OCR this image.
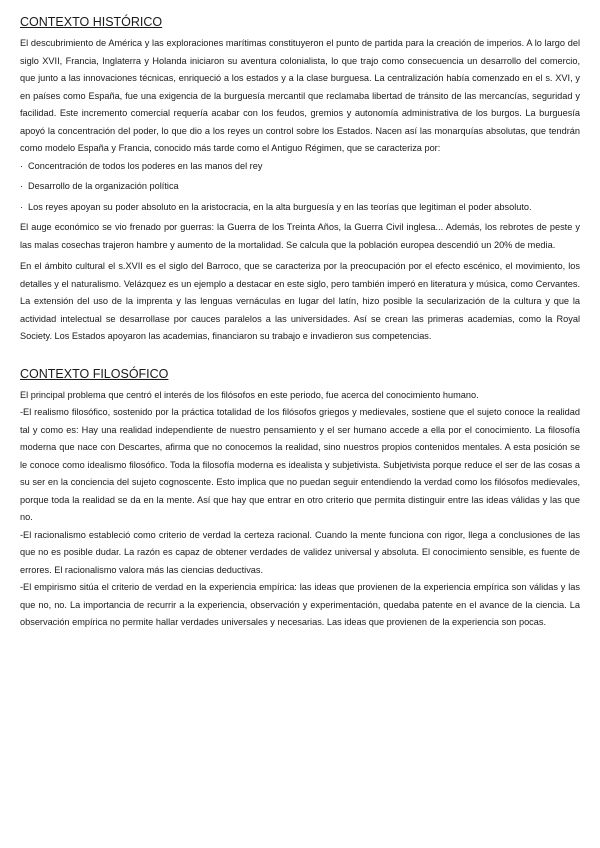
CONTEXTO HISTÓRICO

El descubrimiento de América y las exploraciones marítimas constituyeron el punto de partida para la creación de imperios. A lo largo del siglo XVII, Francia, Inglaterra y Holanda iniciaron su aventura colonialista, lo que trajo como consecuencia un desarrollo del comercio, que junto a las innovaciones técnicas, enriqueció a los estados y a la clase burguesa. La centralización había comenzado en el s. XVI, y en países como España, fue una exigencia de la burguesía mercantil que reclamaba libertad de tránsito de las mercancías, seguridad y facilidad. Este incremento comercial requería acabar con los feudos, gremios y autonomía administrativa de los burgos. La burguesía apoyó la concentración del poder, lo que dio a los reyes un control sobre los Estados. Nacen así las monarquías absolutas, que tendrán como modelo España y Francia, conocido más tarde como el Antiguo Régimen, que se caracteriza por:

· Concentración de todos los poderes en las manos del rey
· Desarrollo de la organización política
· Los reyes apoyan su poder absoluto en la aristocracia, en la alta burguesía y en las teorías que legitiman el poder absoluto.

El auge económico se vio frenado por guerras: la Guerra de los Treinta Años, la Guerra Civil inglesa... Además, los rebrotes de peste y las malas cosechas trajeron hambre y aumento de la mortalidad. Se calcula que la población europea descendió un 20% de media.

En el ámbito cultural el s.XVII es el siglo del Barroco, que se caracteriza por la preocupación por el efecto escénico, el movimiento, los detalles y el naturalismo. Velázquez es un ejemplo a destacar en este siglo, pero también imperó en literatura y música, como Cervantes. La extensión del uso de la imprenta y las lenguas vernáculas en lugar del latín, hizo posible la secularización de la cultura y que la actividad intelectual se desarrollase por cauces paralelos a las universidades. Así se crean las primeras academias, como la Royal Society. Los Estados apoyaron las academias, financiaron su trabajo e invadieron sus competencias.

CONTEXTO FILOSÓFICO

El principal problema que centró el interés de los filósofos en este periodo, fue acerca del conocimiento humano.

-El realismo filosófico, sostenido por la práctica totalidad de los filósofos griegos y medievales, sostiene que el sujeto conoce la realidad tal y como es: Hay una realidad independiente de nuestro pensamiento y el ser humano accede a ella por el conocimiento. La filosofía moderna que nace con Descartes, afirma que no conocemos la realidad, sino nuestros propios contenidos mentales. A esta posición se le conoce como idealismo filosófico. Toda la filosofía moderna es idealista y subjetivista. Subjetivista porque reduce el ser de las cosas a su ser en la conciencia del sujeto cognoscente. Esto implica que no puedan seguir entendiendo la verdad como los filósofos medievales, porque toda la realidad se da en la mente. Así que hay que entrar en otro criterio que permita distinguir entre las ideas válidas y las que no.

-El racionalismo estableció como criterio de verdad la certeza racional. Cuando la mente funciona con rigor, llega a conclusiones de las que no es posible dudar. La razón es capaz de obtener verdades de validez universal y absoluta. El conocimiento sensible, es fuente de errores. El racionalismo valora más las ciencias deductivas.

-El empirismo sitúa el criterio de verdad en la experiencia empírica: las ideas que provienen de la experiencia empírica son válidas y las que no, no. La importancia de recurrir a la experiencia, observación y experimentación, quedaba patente en el avance de la ciencia. La observación empírica no permite hallar verdades universales y necesarias. Las ideas que provienen de la experiencia son pocas.
